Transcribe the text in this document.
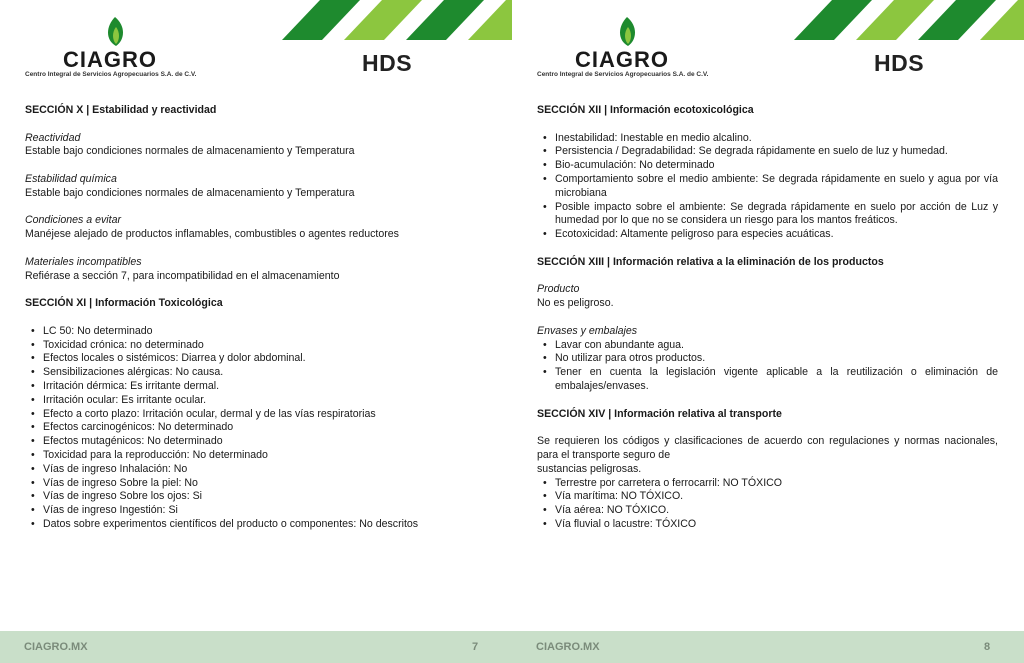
CIAGRO
Centro Integral de Servicios Agropecuarios S.A. de C.V.	HDS

SECCIÓN X | Estabilidad y reactividad

Reactividad

Estable bajo condiciones normales de almacenamiento y Temperatura

Estabilidad química

Estable bajo condiciones normales de almacenamiento y Temperatura

Condiciones a evitar

Manéjese alejado de productos inflamables, combustibles o agentes reductores

Materiales incompatibles

Refiérase a sección 7, para incompatibilidad en el almacenamiento

SECCIÓN XI | Información Toxicológica

• LC 50: No determinado
• Toxicidad crónica: no determinado
• Efectos locales o sistémicos: Diarrea y dolor abdominal.
• Sensibilizaciones alérgicas: No causa.
• Irritación dérmica: Es irritante dermal.
• Irritación ocular: Es irritante ocular.
• Efecto a corto plazo: Irritación ocular, dermal y de las vías respiratorias
• Efectos carcinogénicos: No determinado
• Efectos mutagénicos: No determinado
• Toxicidad para la reproducción: No determinado
• Vías de ingreso Inhalación: No
• Vías de ingreso Sobre la piel: No
• Vías de ingreso Sobre los ojos: Si
• Vías de ingreso Ingestión: Si
• Datos sobre experimentos científicos del producto o componentes: No descritos
CIAGRO.MX	7
CIAGRO
Centro Integral de Servicios Agropecuarios S.A. de C.V.	HDS

SECCIÓN XII | Información ecotoxicológica

• Inestabilidad: Inestable en medio alcalino.
• Persistencia / Degradabilidad: Se degrada rápidamente en suelo de luz y humedad.
• Bio-acumulación: No determinado
• Comportamiento sobre el medio ambiente: Se degrada rápidamente en suelo y agua por vía microbiana
• Posible impacto sobre el ambiente: Se degrada rápidamente en suelo por acción de Luz y humedad por lo que no se considera un riesgo para los mantos freáticos.
• Ecotoxicidad: Altamente peligroso para especies acuáticas.

SECCIÓN XIII | Información relativa a la eliminación de los productos

Producto

No es peligroso.

Envases y embalajes

• Lavar con abundante agua.
• No utilizar para otros productos.
• Tener en cuenta la legislación vigente aplicable a la reutilización o eliminación de embalajes/envases.

SECCIÓN XIV | Información relativa al transporte

Se requieren los códigos y clasificaciones de acuerdo con regulaciones y normas nacionales, para el transporte seguro de

sustancias peligrosas.

• Terrestre por carretera o ferrocarril: NO TÓXICO
• Vía marítima: NO TÓXICO.
• Vía aérea: NO TÓXICO.
• Vía fluvial o lacustre: TÓXICO
CIAGRO.MX	8
